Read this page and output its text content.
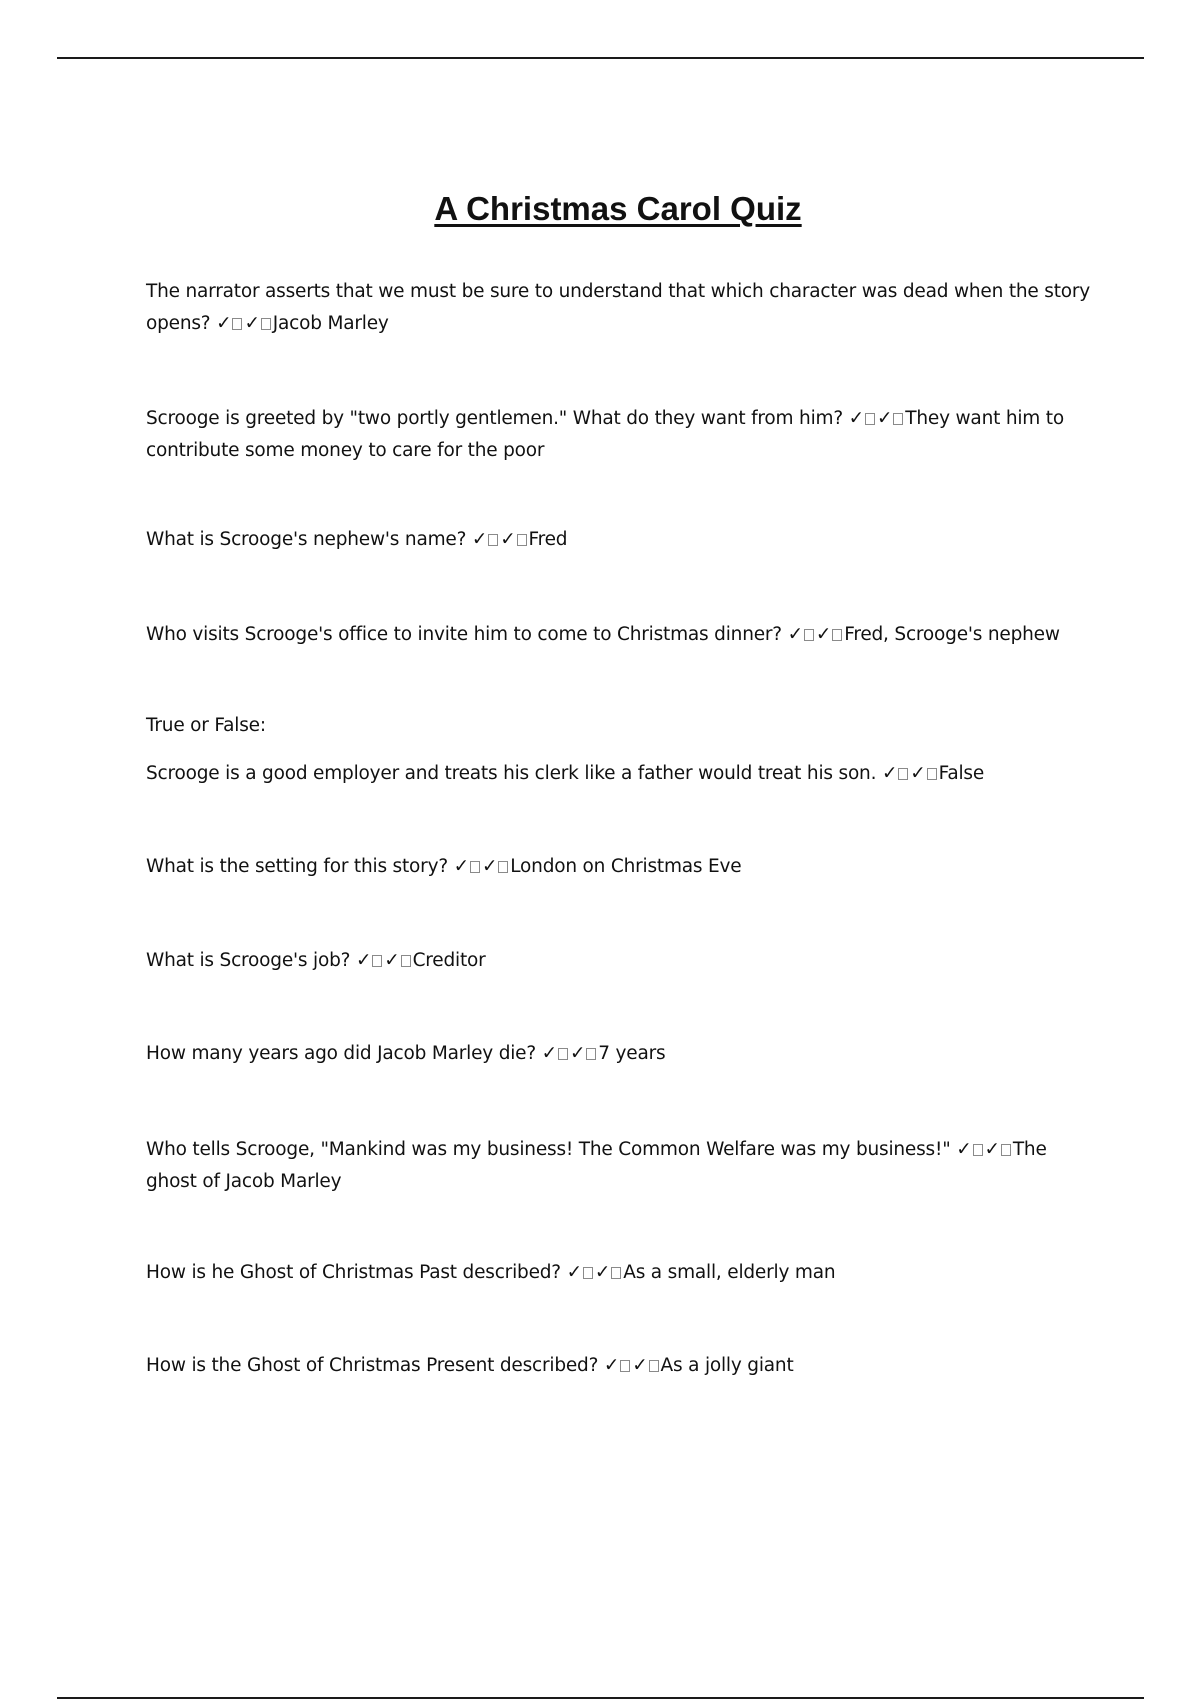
A Christmas Carol Quiz

The narrator asserts that we must be sure to understand that which character was dead when the story opens? ✓ ✓ Jacob Marley

Scrooge is greeted by "two portly gentlemen." What do they want from him? ✓ ✓ They want him to contribute some money to care for the poor

What is Scrooge's nephew's name? ✓ ✓ Fred

Who visits Scrooge's office to invite him to come to Christmas dinner? ✓ ✓ Fred, Scrooge's nephew

True or False:

Scrooge is a good employer and treats his clerk like a father would treat his son. ✓ ✓ False

What is the setting for this story? ✓ ✓ London on Christmas Eve

What is Scrooge's job? ✓ ✓ Creditor

How many years ago did Jacob Marley die? ✓ ✓ 7 years

Who tells Scrooge, "Mankind was my business! The Common Welfare was my business!" ✓ ✓ The ghost of Jacob Marley

How is he Ghost of Christmas Past described? ✓ ✓ As a small, elderly man

How is the Ghost of Christmas Present described? ✓ ✓ As a jolly giant
